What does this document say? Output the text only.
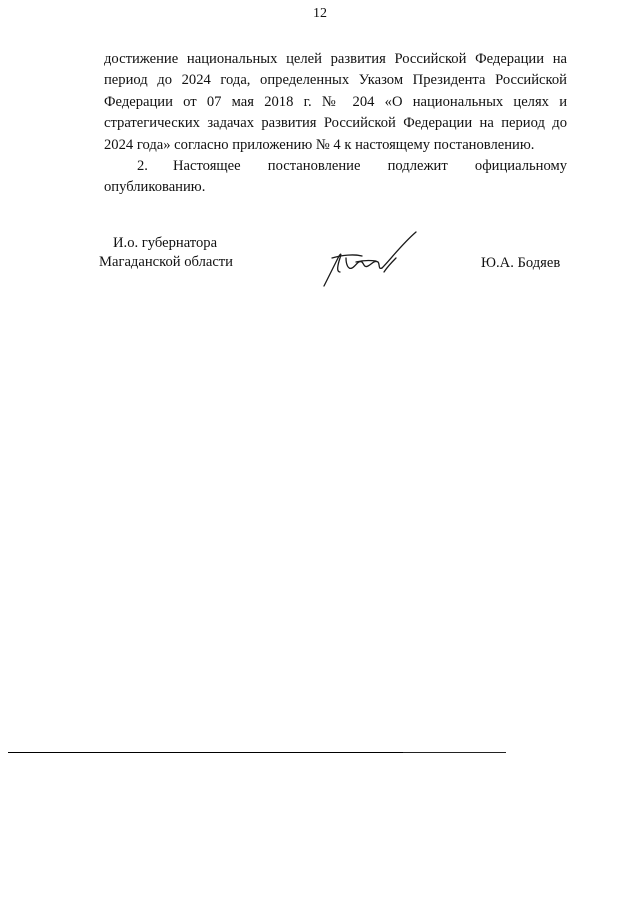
12

достижение национальных целей развития Российской Федерации на период до 2024 года, определенных Указом Президента Российской Федерации от 07 мая 2018 г. № 204 «О национальных целях и стратегических задачах развития Российской Федерации на период до 2024 года» согласно приложению № 4 к настоящему постановлению.

2. Настоящее постановление подлежит официальному опубликованию.

И.о. губернатора
Магаданской области	Ю.А. Бодяев
